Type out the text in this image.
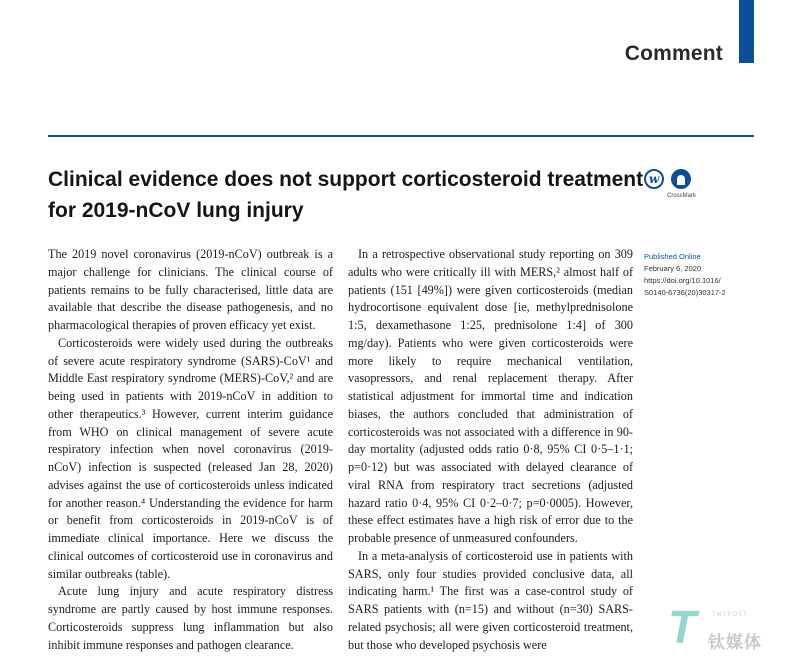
Comment
Clinical evidence does not support corticosteroid treatment for 2019-nCoV lung injury
w
CrossMark

The 2019 novel coronavirus (2019-nCoV) outbreak is a major challenge for clinicians. The clinical course of patients remains to be fully characterised, little data are available that describe the disease pathogenesis, and no pharmacological therapies of proven efficacy yet exist.

Corticosteroids were widely used during the outbreaks of severe acute respiratory syndrome (SARS)-CoV¹ and Middle East respiratory syndrome (MERS)-CoV,² and are being used in patients with 2019-nCoV in addition to other therapeutics.³ However, current interim guidance from WHO on clinical management of severe acute respiratory infection when novel coronavirus (2019-nCoV) infection is suspected (released Jan 28, 2020) advises against the use of corticosteroids unless indicated for another reason.⁴ Understanding the evidence for harm or benefit from corticosteroids in 2019-nCoV is of immediate clinical importance. Here we discuss the clinical outcomes of corticosteroid use in coronavirus and similar outbreaks (table).

Acute lung injury and acute respiratory distress syndrome are partly caused by host immune responses. Corticosteroids suppress lung inflammation but also inhibit immune responses and pathogen clearance.

In a retrospective observational study reporting on 309 adults who were critically ill with MERS,² almost half of patients (151 [49%]) were given corticosteroids (median hydrocortisone equivalent dose [ie, methylprednisolone 1:5, dexamethasone 1:25, prednisolone 1:4] of 300 mg/day). Patients who were given corticosteroids were more likely to require mechanical ventilation, vasopressors, and renal replacement therapy. After statistical adjustment for immortal time and indication biases, the authors concluded that administration of corticosteroids was not associated with a difference in 90-day mortality (adjusted odds ratio 0·8, 95% CI 0·5–1·1; p=0·12) but was associated with delayed clearance of viral RNA from respiratory tract secretions (adjusted hazard ratio 0·4, 95% CI 0·2–0·7; p=0·0005). However, these effect estimates have a high risk of error due to the probable presence of unmeasured confounders.

In a meta-analysis of corticosteroid use in patients with SARS, only four studies provided conclusive data, all indicating harm.¹ The first was a case-control study of SARS patients with (n=15) and without (n=30) SARS-related psychosis; all were given corticosteroid treatment, but those who developed psychosis were

Published Online
February 6, 2020
https://doi.org/10.1016/
S0140-6736(20)30317-2
T	TMTPOST
钛媒体
